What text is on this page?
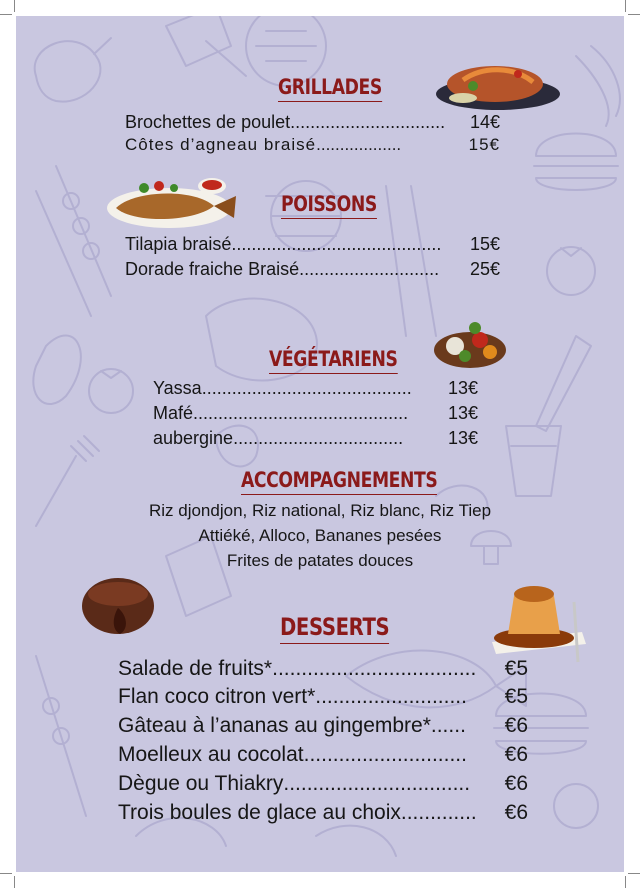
GRILLADES
Brochettes de poulet ...............................	14€
Côtes d’agneau braisé ..................	15€
POISSONS
Tilapia braisé ..........................................	15€
Dorade fraiche Braisé ............................	25€
VÉGÉTARIENS
Yassa ..........................................	13€
Mafé ...........................................	13€
aubergine ..................................	13€
ACCOMPAGNEMENTS
Riz djondjon, Riz national, Riz blanc, Riz Tiep
Attiéké, Alloco, Bananes pesées
Frites de patates douces
DESSERTS
Salade de fruits* ...................................	€5
Flan coco citron vert* ..........................	€5
Gâteau à l’ananas au gingembre* ......	€6
Moelleux au cocolat ............................	€6
Dègue ou Thiakry ................................	€6
Trois boules de glace au choix .............	€6
